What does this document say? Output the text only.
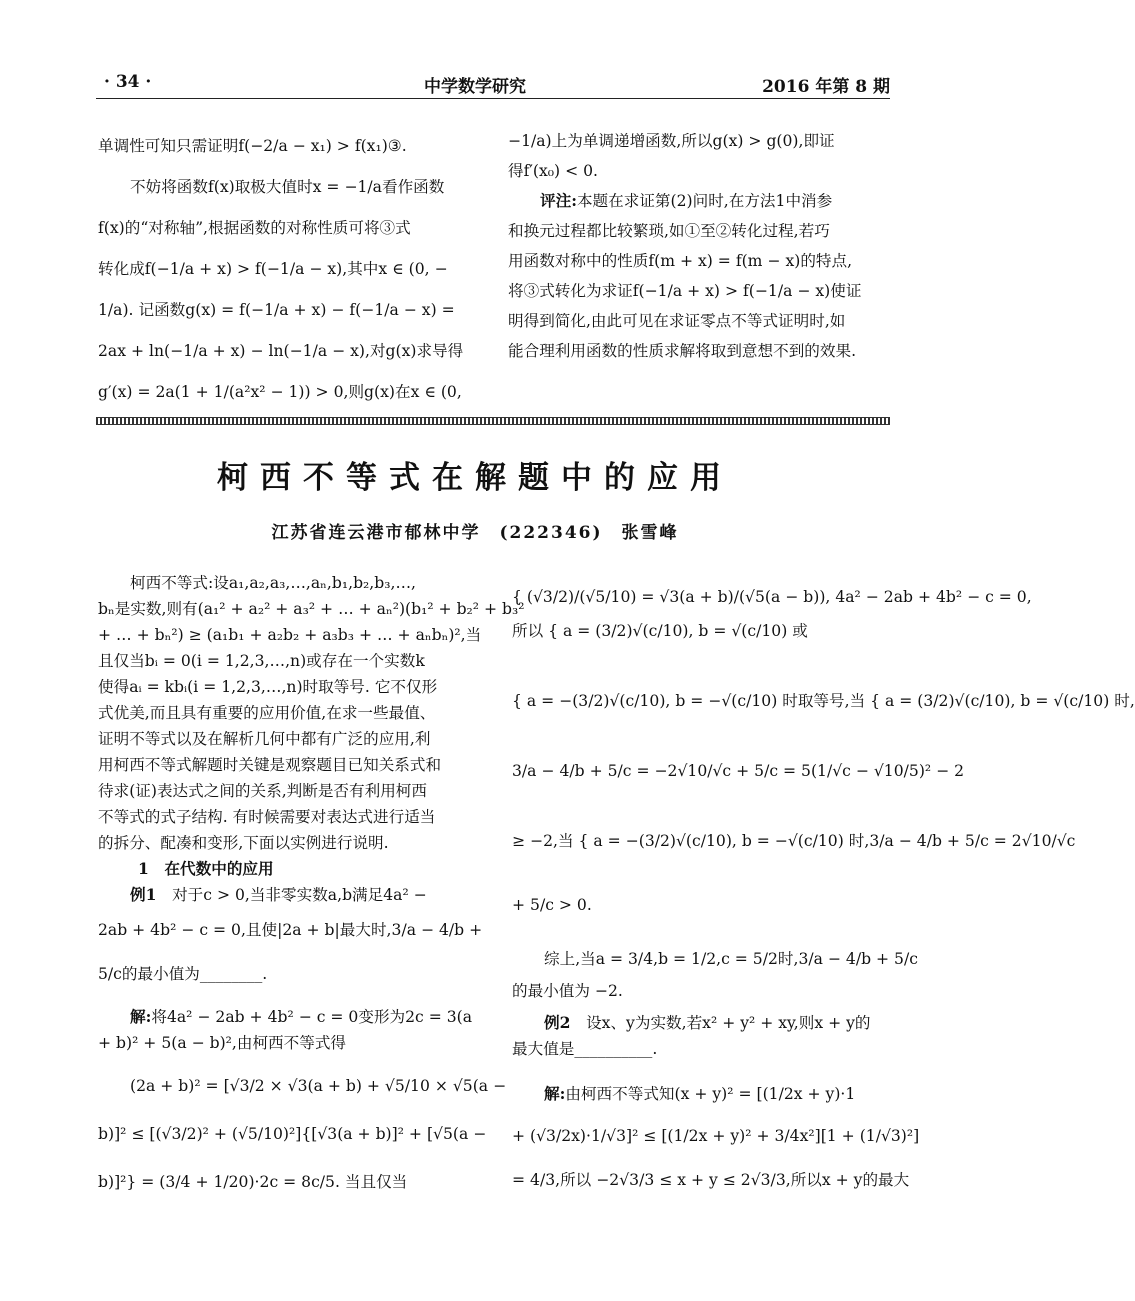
· 34 ·	中学数学研究	2016 年第 8 期
单调性可知只需证明f(−2/a − x₁) > f(x₁)③.
不妨将函数f(x)取极大值时x = −1/a看作函数
f(x)的“对称轴”,根据函数的对称性质可将③式
转化成f(−1/a + x) > f(−1/a − x),其中x ∈ (0, −
1/a). 记函数g(x) = f(−1/a + x) − f(−1/a − x) =
2ax + ln(−1/a + x) − ln(−1/a − x),对g(x)求导得
g′(x) = 2a(1 + 1/(a²x² − 1)) > 0,则g(x)在x ∈ (0,
−1/a)上为单调递增函数,所以g(x) > g(0),即证
得f′(x₀) < 0.
评注:本题在求证第(2)问时,在方法1中消参
和换元过程都比较繁琐,如①至②转化过程,若巧
用函数对称中的性质f(m + x) = f(m − x)的特点,
将③式转化为求证f(−1/a + x) > f(−1/a − x)使证
明得到简化,由此可见在求证零点不等式证明时,如
能合理利用函数的性质求解将取到意想不到的效果.
柯西不等式在解题中的应用
江苏省连云港市郁林中学　(222346)　张雪峰
柯西不等式:设a₁,a₂,a₃,…,aₙ,b₁,b₂,b₃,…,
bₙ是实数,则有(a₁² + a₂² + a₃² + … + aₙ²)(b₁² + b₂² + b₃²
+ … + bₙ²) ≥ (a₁b₁ + a₂b₂ + a₃b₃ + … + aₙbₙ)²,当
且仅当bᵢ = 0(i = 1,2,3,…,n)或存在一个实数k
使得aᵢ = kbᵢ(i = 1,2,3,…,n)时取等号. 它不仅形
式优美,而且具有重要的应用价值,在求一些最值、
证明不等式以及在解析几何中都有广泛的应用,利
用柯西不等式解题时关键是观察题目已知关系式和
待求(证)表达式之间的关系,判断是否有利用柯西
不等式的式子结构. 有时候需要对表达式进行适当
的拆分、配凑和变形,下面以实例进行说明.
1　在代数中的应用
例1　 对于c > 0,当非零实数a,b满足4a² −
2ab + 4b² − c = 0,且使|2a + b|最大时,3/a − 4/b +
5/c的最小值为________.
解:将4a² − 2ab + 4b² − c = 0变形为2c = 3(a
+ b)² + 5(a − b)²,由柯西不等式得
(2a + b)² = [√3/2 × √3(a + b) + √5/10 × √5(a −
b)]² ≤ [(√3/2)² + (√5/10)²]{[√3(a + b)]² + [√5(a −
b)]²} = (3/4 + 1/20)·2c = 8c/5. 当且仅当
{ (√3/2)/(√5/10) = √3(a + b)/(√5(a − b)), 4a² − 2ab + 4b² − c = 0,
所以 { a = (3/2)√(c/10), b = √(c/10) 或
{ a = −(3/2)√(c/10), b = −√(c/10) 时取等号,当 { a = (3/2)√(c/10), b = √(c/10) 时,
3/a − 4/b + 5/c = −2√10/√c + 5/c = 5(1/√c − √10/5)² − 2
≥ −2,当 { a = −(3/2)√(c/10), b = −√(c/10) 时,3/a − 4/b + 5/c = 2√10/√c
+ 5/c > 0.
综上,当a = 3/4,b = 1/2,c = 5/2时,3/a − 4/b + 5/c
的最小值为 −2.
例2　 设x、y为实数,若x² + y² + xy,则x + y的
最大值是__________.
解:由柯西不等式知(x + y)² = [(1/2x + y)·1
+ (√3/2x)·1/√3]² ≤ [(1/2x + y)² + 3/4x²][1 + (1/√3)²]
= 4/3,所以 −2√3/3 ≤ x + y ≤ 2√3/3,所以x + y的最大
